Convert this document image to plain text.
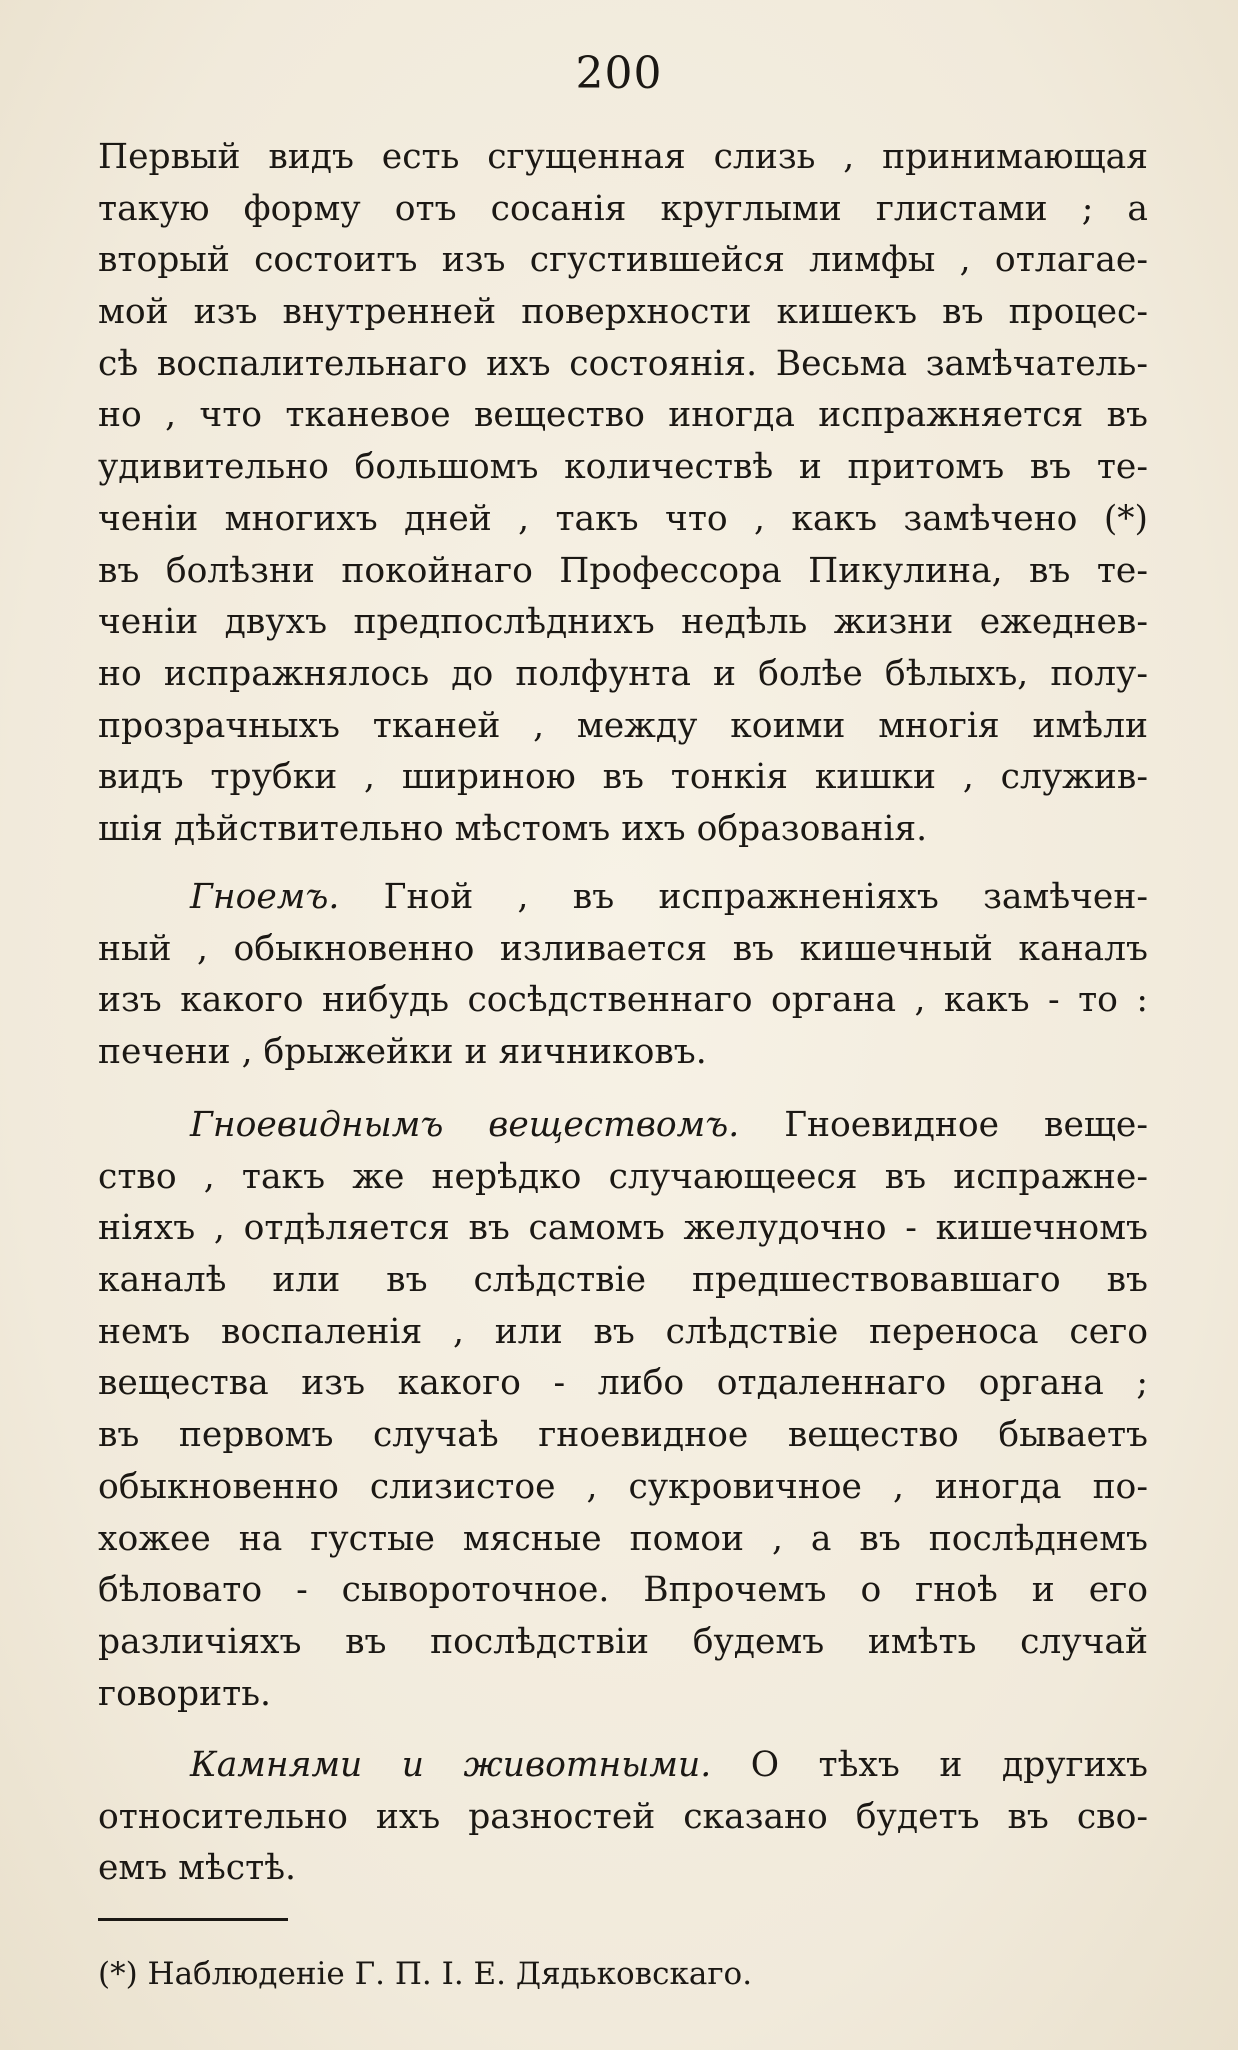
200
Первый видъ есть сгущенная слизь , принимающая
такую форму отъ сосанія круглыми глистами ; а
вторый состоитъ изъ сгустившейся лимфы , отлагае-
мой изъ внутренней поверхности кишекъ въ процес-
сѣ воспалительнаго ихъ состоянія. Весьма замѣчатель-
но , что тканевое вещество иногда испражняется въ
удивительно большомъ количествѣ и притомъ въ те-
ченіи многихъ дней , такъ что , какъ замѣчено (*)
въ болѣзни покойнаго Профессора Пикулина, въ те-
ченіи двухъ предпослѣднихъ недѣль жизни ежеднев-
но испражнялось до полфунта и болѣе бѣлыхъ, полу-
прозрачныхъ тканей , между коими многія имѣли
видъ трубки , шириною въ тонкія кишки , служив-
шія дѣйствительно мѣстомъ ихъ образованія.
Гноемъ. Гной , въ испражненіяхъ замѣчен-
ный , обыкновенно изливается въ кишечный каналъ
изъ какого нибудь сосѣдственнаго органа , какъ - то :
печени , брыжейки и яичниковъ.
Гноевиднымъ веществомъ. Гноевидное веще-
ство , такъ же нерѣдко случающееся въ испражне-
ніяхъ , отдѣляется въ самомъ желудочно - кишечномъ
каналѣ или въ слѣдствіе предшествовавшаго въ
немъ воспаленія , или въ слѣдствіе переноса сего
вещества изъ какого - либо отдаленнаго органа ;
въ первомъ случаѣ гноевидное вещество бываетъ
обыкновенно слизистое , сукровичное , иногда по-
хожее на густые мясные помои , а въ послѣднемъ
бѣловато - сывороточное. Впрочемъ о гноѣ и его
различіяхъ въ послѣдствіи будемъ имѣть случай
говорить.
Камнями и животными. О тѣхъ и другихъ
относительно ихъ разностей сказано будетъ въ сво-
емъ мѣстѣ.
(*) Наблюденіе Г. П. І. Е. Дядьковскаго.
